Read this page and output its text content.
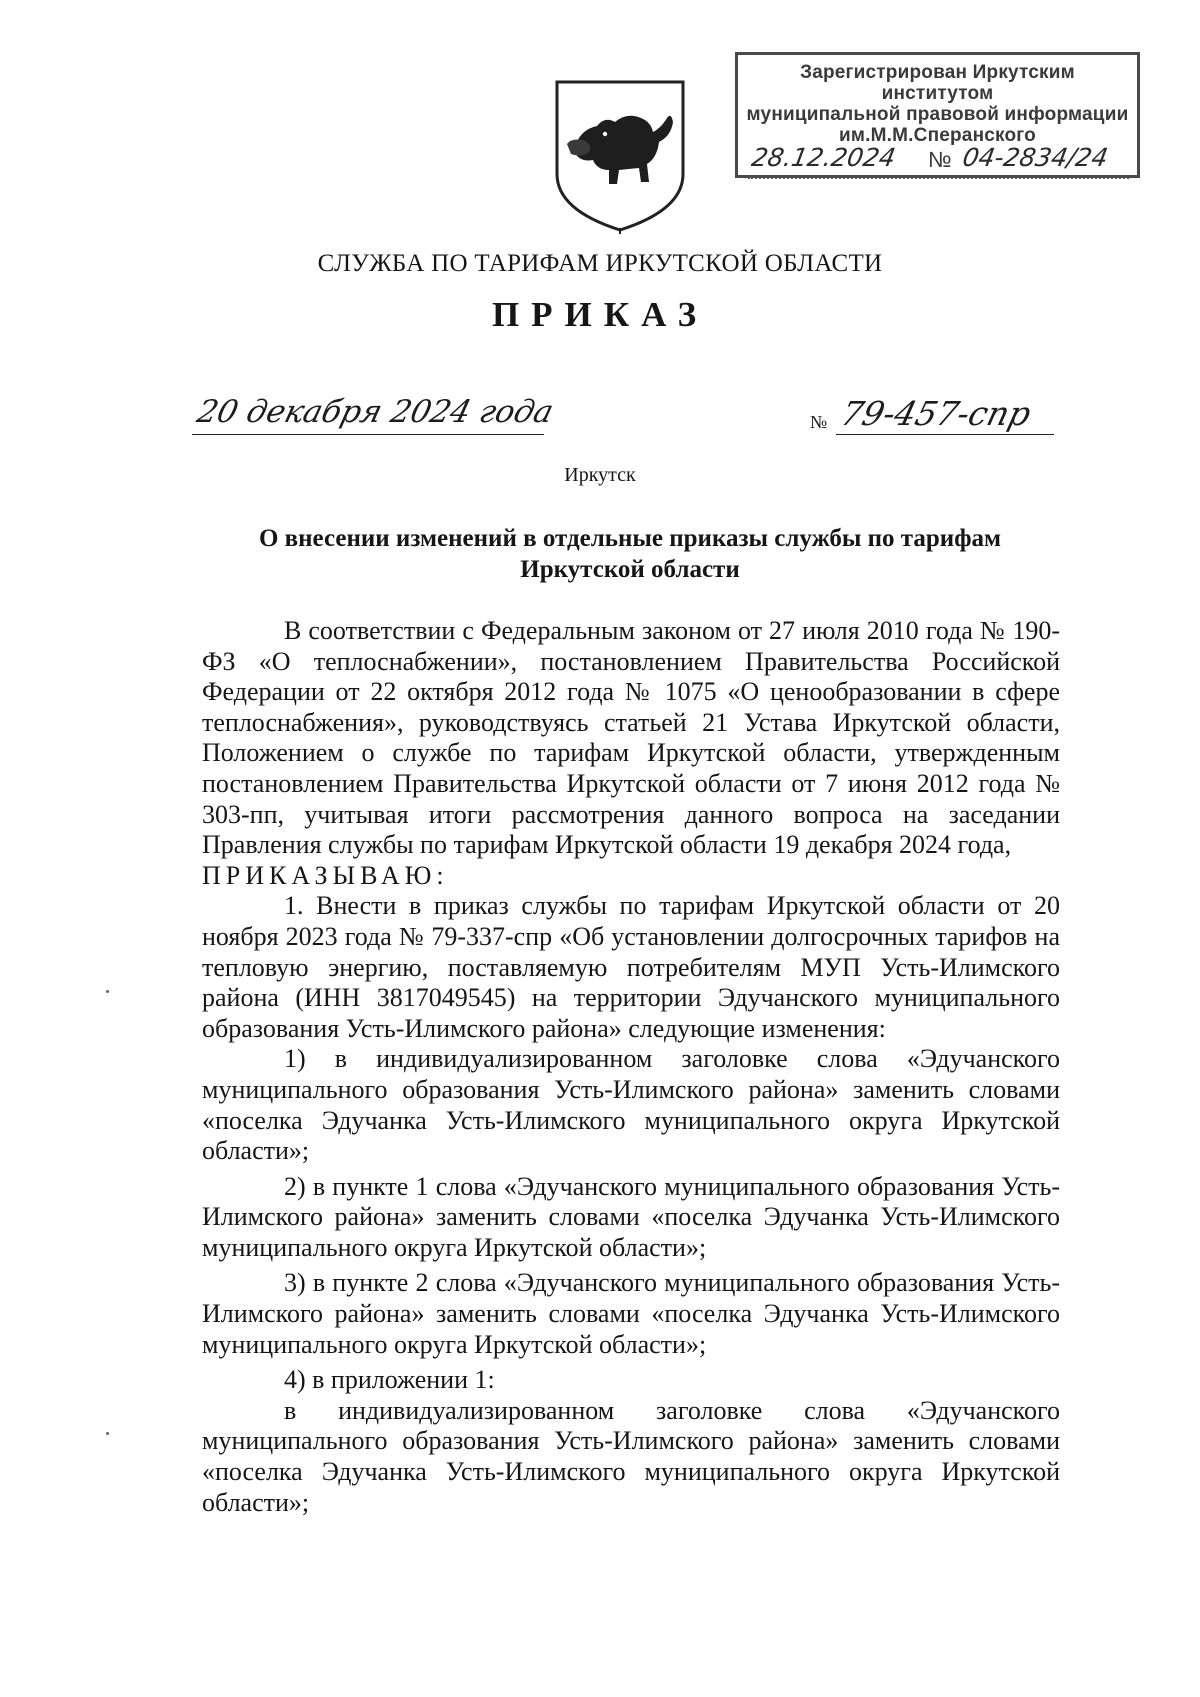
Зарегистрирован Иркутским институтом
муниципальной правовой информации
им.М.М.Сперанского
28.12.2024 № 04-2834/24
СЛУЖБА ПО ТАРИФАМ ИРКУТСКОЙ ОБЛАСТИ
ПРИКАЗ
20 декабря 2024 года	№ 79-457-спр
Иркутск
О внесении изменений в отдельные приказы службы по тарифам
Иркутской области

В соответствии с Федеральным законом от 27 июля 2010 года № 190-ФЗ «О теплоснабжении», постановлением Правительства Российской Федерации от 22 октября 2012 года № 1075 «О ценообразовании в сфере теплоснабжения», руководствуясь статьей 21 Устава Иркутской области, Положением о службе по тарифам Иркутской области, утвержденным постановлением Правительства Иркутской области от 7 июня 2012 года № 303-пп, учитывая итоги рассмотрения данного вопроса на заседании Правления службы по тарифам Иркутской области 19 декабря 2024 года,

ПРИКАЗЫВАЮ:

1. Внести в приказ службы по тарифам Иркутской области от 20 ноября 2023 года № 79-337-спр «Об установлении долгосрочных тарифов на тепловую энергию, поставляемую потребителям МУП Усть-Илимского района (ИНН 3817049545) на территории Эдучанского муниципального образования Усть-Илимского района» следующие изменения:

1) в индивидуализированном заголовке слова «Эдучанского муниципального образования Усть-Илимского района» заменить словами «поселка Эдучанка Усть-Илимского муниципального округа Иркутской области»;

2) в пункте 1 слова «Эдучанского муниципального образования Усть-Илимского района» заменить словами «поселка Эдучанка Усть-Илимского муниципального округа Иркутской области»;

3) в пункте 2 слова «Эдучанского муниципального образования Усть-Илимского района» заменить словами «поселка Эдучанка Усть-Илимского муниципального округа Иркутской области»;

4) в приложении 1:

в индивидуализированном заголовке слова «Эдучанского муниципального образования Усть-Илимского района» заменить словами «поселка Эдучанка Усть-Илимского муниципального округа Иркутской области»;
